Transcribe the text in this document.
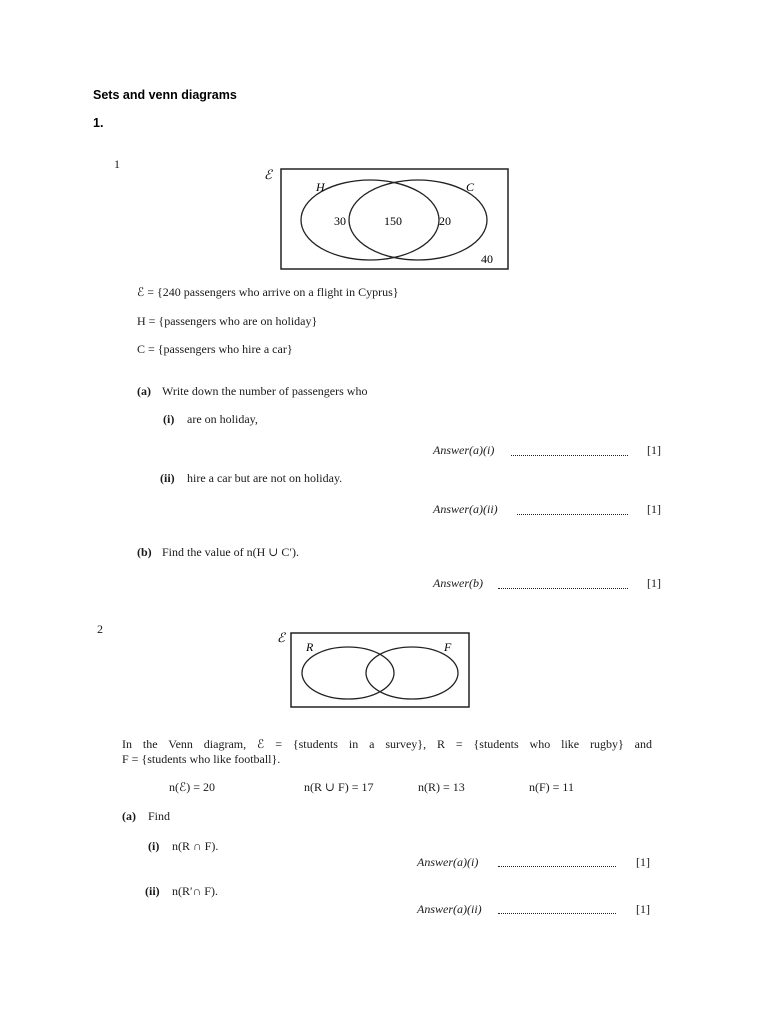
Sets and venn diagrams
1.
1
ℰ
H	C
30	150	20
40
ℰ = {240 passengers who arrive on a flight in Cyprus}
H = {passengers who are on holiday}
C = {passengers who hire a car}
(a) Write down the number of passengers who
(i) are on holiday,
Answer(a)(i)	[1]
(ii) hire a car but are not on holiday.
Answer(a)(ii)	[1]
(b) Find the value of n(H ∪ C′).
Answer(b)	[1]
2
ℰ
R	F
In the Venn diagram, ℰ = {students in a survey}, R = {students who like rugby} and
F = {students who like football}.
n(ℰ) = 20	n(R ∪ F) = 17	n(R) = 13	n(F) = 11
(a) Find
(i) n(R ∩ F).
Answer(a)(i)	[1]
(ii) n(R′∩ F).
Answer(a)(ii)	[1]
